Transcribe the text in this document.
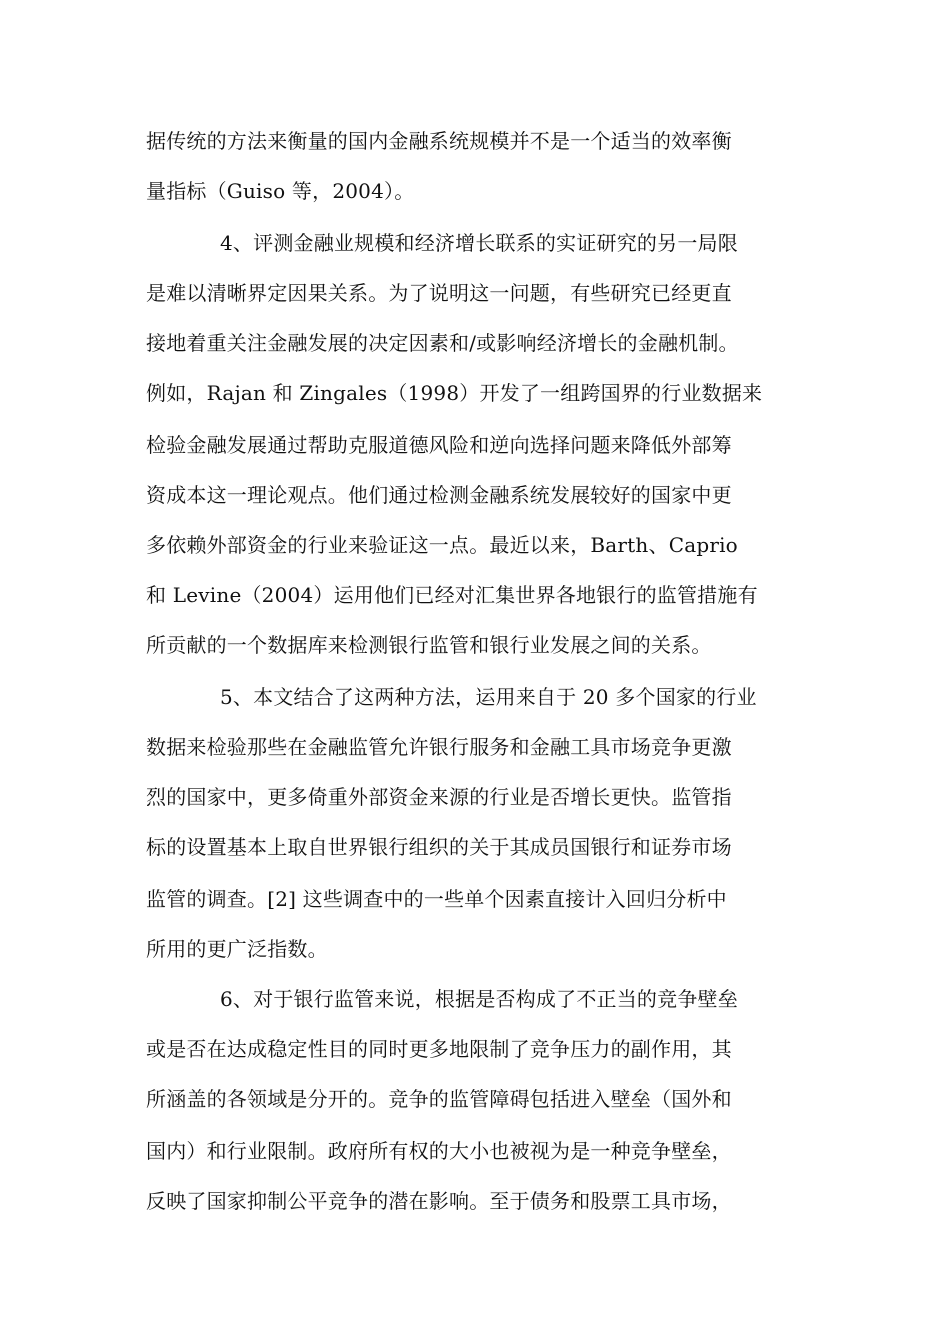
据传统的方法来衡量的国内金融系统规模并不是一个适当的效率衡
量指标（Guiso 等，2004）。
4、评测金融业规模和经济增长联系的实证研究的另一局限
是难以清晰界定因果关系。为了说明这一问题，有些研究已经更直
接地着重关注金融发展的决定因素和/或影响经济增长的金融机制。
例如，Rajan 和 Zingales（1998）开发了一组跨国界的行业数据来
检验金融发展通过帮助克服道德风险和逆向选择问题来降低外部筹
资成本这一理论观点。他们通过检测金融系统发展较好的国家中更
多依赖外部资金的行业来验证这一点。最近以来，Barth、Caprio
和 Levine（2004）运用他们已经对汇集世界各地银行的监管措施有
所贡献的一个数据库来检测银行监管和银行业发展之间的关系。
5、本文结合了这两种方法，运用来自于 20 多个国家的行业
数据来检验那些在金融监管允许银行服务和金融工具市场竞争更激
烈的国家中，更多倚重外部资金来源的行业是否增长更快。监管指
标的设置基本上取自世界银行组织的关于其成员国银行和证券市场
监管的调查。[2] 这些调查中的一些单个因素直接计入回归分析中
所用的更广泛指数。
6、对于银行监管来说，根据是否构成了不正当的竞争壁垒
或是否在达成稳定性目的同时更多地限制了竞争压力的副作用，其
所涵盖的各领域是分开的。竞争的监管障碍包括进入壁垒（国外和
国内）和行业限制。政府所有权的大小也被视为是一种竞争壁垒，
反映了国家抑制公平竞争的潜在影响。至于债务和股票工具市场，
